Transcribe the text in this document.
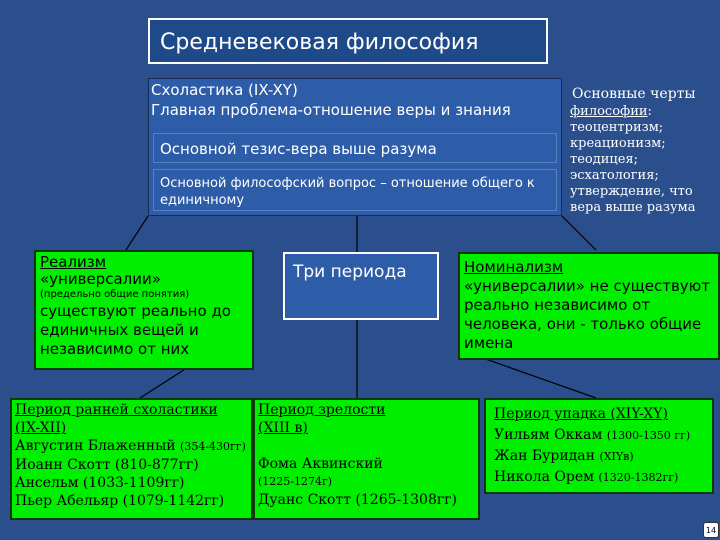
Средневековая философия
Схоластика (IX-XY)
Главная проблема-отношение веры и знания
Основной тезис-вера выше разума
Основной философский вопрос – отношение общего к единичному
Основные черты
философии:
теоцентризм;
креационизм;
теодицея;
эсхатология;
утверждение, что
вера выше разума
Реализм
«универсалии»
(предельно общие понятия)
существуют реально до единичных вещей и независимо от них
Три периода	Номинализм
«универсалии» не существуют реально независимо от человека, они - только общие имена
Период ранней схоластики
(IX-XII)
Августин Блаженный (354-430гг)
Иоанн Скотт (810-877гг)
Ансельм (1033-1109гг)
Пьер Абельяр (1079-1142гг)
Период зрелости
(XIII в)
Фома Аквинский
(1225-1274г)
Дуанс Скотт (1265-1308гг)
Период упадка (XIY-XY)
Уильям Оккам (1300-1350 гг)
Жан Буридан (XIYв)
Никола Орем (1320-1382гг)
14
